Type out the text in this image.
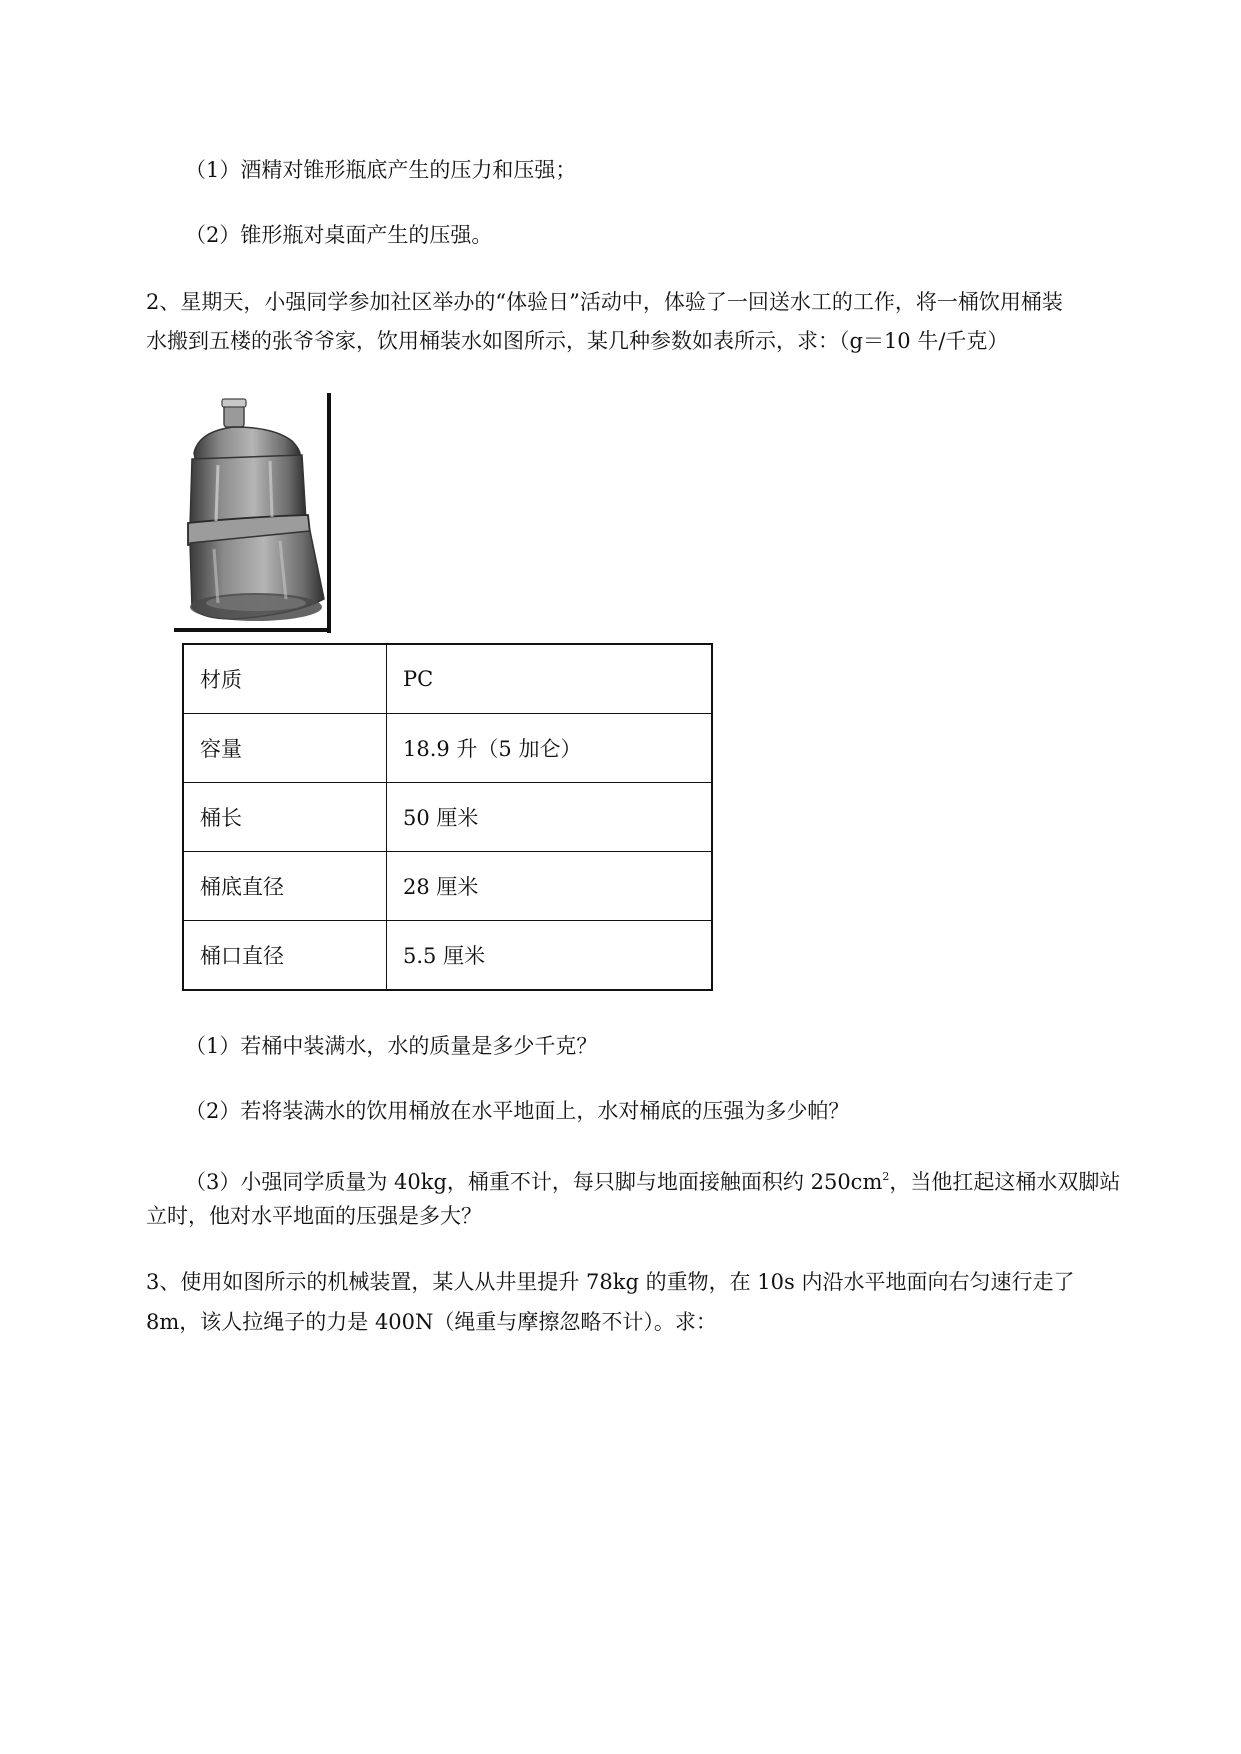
（1）酒精对锥形瓶底产生的压力和压强；
（2）锥形瓶对桌面产生的压强。
2、星期天，小强同学参加社区举办的“体验日”活动中，体验了一回送水工的工作，将一桶饮用桶装
水搬到五楼的张爷爷家，饮用桶装水如图所示，某几种参数如表所示，求：（g＝10 牛/千克）
材质	PC
容量	18.9 升（5 加仑）
桶长	50 厘米
桶底直径	28 厘米
桶口直径	5.5 厘米
（1）若桶中装满水，水的质量是多少千克？
（2）若将装满水的饮用桶放在水平地面上，水对桶底的压强为多少帕？
（3）小强同学质量为 40kg，桶重不计，每只脚与地面接触面积约 $250cm^2$，当他扛起这桶水双脚站
立时，他对水平地面的压强是多大？
3、使用如图所示的机械装置，某人从井里提升 78kg 的重物，在 10s 内沿水平地面向右匀速行走了
8m，该人拉绳子的力是 400N（绳重与摩擦忽略不计）。求：
